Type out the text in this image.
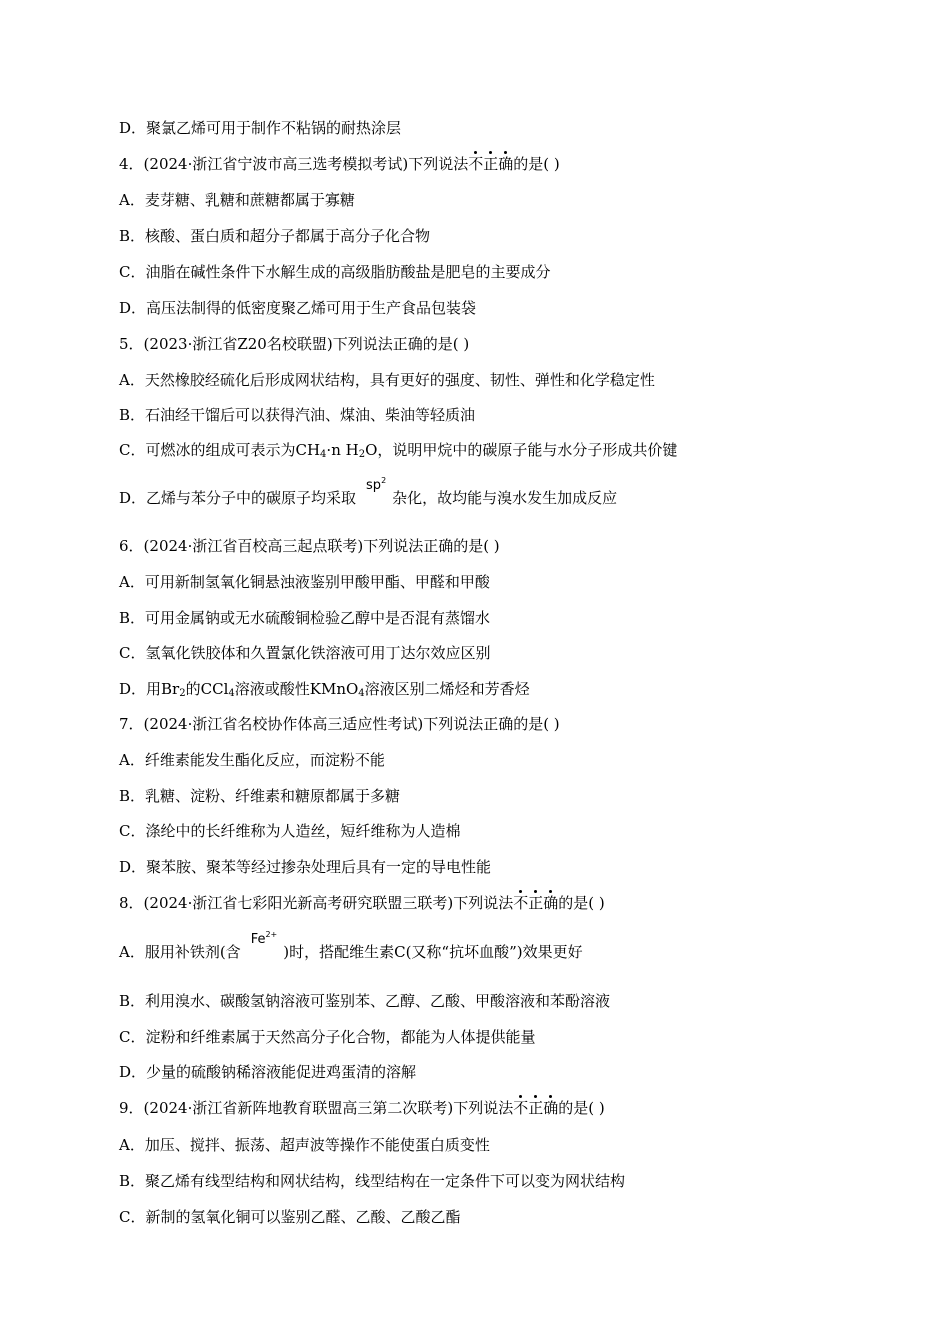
D．聚氯乙烯可用于制作不粘锅的耐热涂层
4．(2024·浙江省宁波市高三选考模拟考试)下列说法不正确的是( )
A．麦芽糖、乳糖和蔗糖都属于寡糖
B．核酸、蛋白质和超分子都属于高分子化合物
C．油脂在碱性条件下水解生成的高级脂肪酸盐是肥皂的主要成分
D．高压法制得的低密度聚乙烯可用于生产食品包装袋
5．(2023·浙江省Z20名校联盟)下列说法正确的是( )
A．天然橡胶经硫化后形成网状结构，具有更好的强度、韧性、弹性和化学稳定性
B．石油经干馏后可以获得汽油、煤油、柴油等轻质油
C．可燃冰的组成可表示为$CH_4\cdot n$ $H_2O$，说明甲烷中的碳原子能与水分子形成共价键
D．乙烯与苯分子中的碳原子均采取$sp^2$杂化，故均能与溴水发生加成反应
6．(2024·浙江省百校高三起点联考)下列说法正确的是( )
A．可用新制氢氧化铜悬浊液鉴别甲酸甲酯、甲醛和甲酸
B．可用金属钠或无水硫酸铜检验乙醇中是否混有蒸馏水
C．氢氧化铁胶体和久置氯化铁溶液可用丁达尔效应区别
D．用$Br_2$的CCl$_4$溶液或酸性KMnO$_4$溶液区别二烯烃和芳香烃
7．(2024·浙江省名校协作体高三适应性考试)下列说法正确的是( )
A．纤维素能发生酯化反应，而淀粉不能
B．乳糖、淀粉、纤维素和糖原都属于多糖
C．涤纶中的长纤维称为人造丝，短纤维称为人造棉
D．聚苯胺、聚苯等经过掺杂处理后具有一定的导电性能
8．(2024·浙江省七彩阳光新高考研究联盟三联考)下列说法不正确的是( )
A．服用补铁剂(含$Fe^{2+}$)时，搭配维生素C(又称“抗坏血酸”)效果更好
B．利用溴水、碳酸氢钠溶液可鉴别苯、乙醇、乙酸、甲酸溶液和苯酚溶液
C．淀粉和纤维素属于天然高分子化合物，都能为人体提供能量
D．少量的硫酸钠稀溶液能促进鸡蛋清的溶解
9．(2024·浙江省新阵地教育联盟高三第二次联考)下列说法不正确的是( )
A．加压、搅拌、振荡、超声波等操作不能使蛋白质变性
B．聚乙烯有线型结构和网状结构，线型结构在一定条件下可以变为网状结构
C．新制的氢氧化铜可以鉴别乙醛、乙酸、乙酸乙酯
